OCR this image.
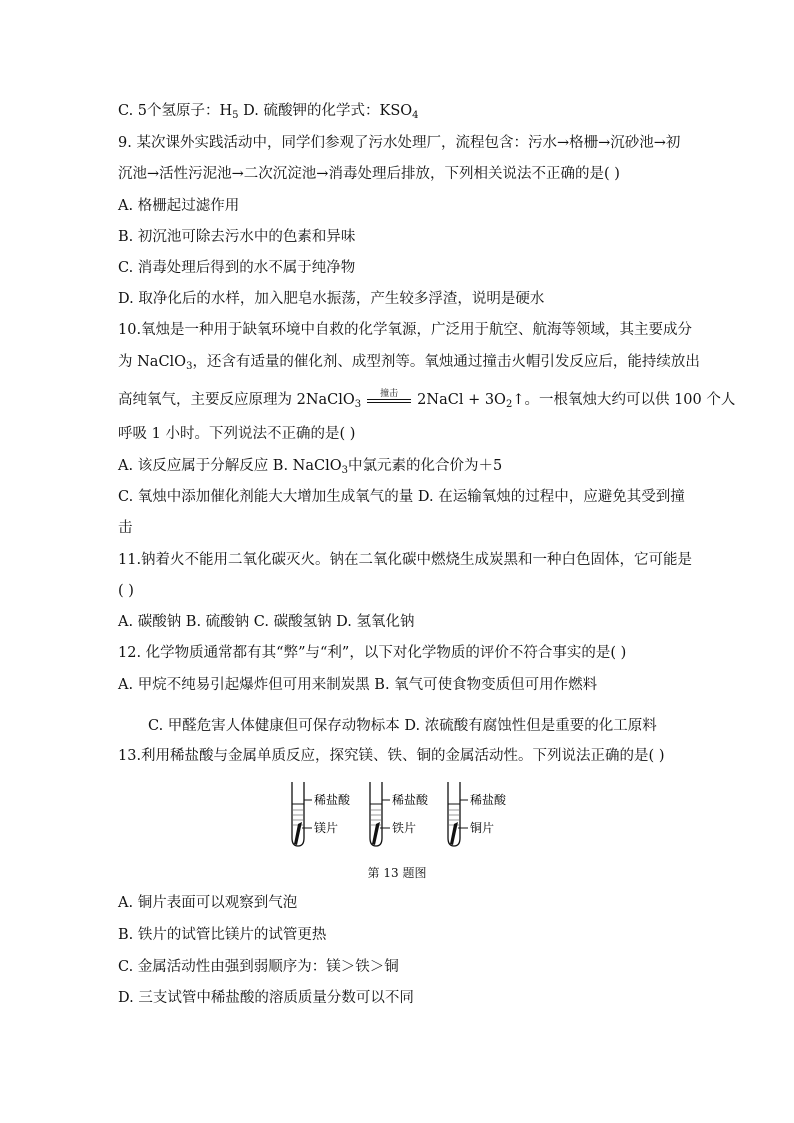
C. 5个氢原子：$H_5$ D. 硫酸钾的化学式：$KSO_4$
9. 某次课外实践活动中，同学们参观了污水处理厂，流程包含：污水→格栅→沉砂池→初
沉池→活性污泥池→二次沉淀池→消毒处理后排放，下列相关说法不正确的是( )
A. 格栅起过滤作用
B. 初沉池可除去污水中的色素和异味
C. 消毒处理后得到的水不属于纯净物
D. 取净化后的水样，加入肥皂水振荡，产生较多浮渣，说明是硬水
10.氧烛是一种用于缺氧环境中自救的化学氧源，广泛用于航空、航海等领域，其主要成分
为 NaClO$_3$，还含有适量的催化剂、成型剂等。氧烛通过撞击火帽引发反应后，能持续放出
高纯氧气，主要反应原理为 2NaClO$_3$
撞击	2NaCl + $3O_2↑$。一根氧烛大约可以供 100 个人
呼吸 1 小时。下列说法不正确的是( )
A. 该反应属于分解反应 B. NaClO$_3$中氯元素的化合价为＋5
C. 氧烛中添加催化剂能大大增加生成氧气的量 D. 在运输氧烛的过程中，应避免其受到撞
击
11.钠着火不能用二氧化碳灭火。钠在二氧化碳中燃烧生成炭黑和一种白色固体，它可能是
( )
A. 碳酸钠 B. 硫酸钠 C. 碳酸氢钠 D. 氢氧化钠
12. 化学物质通常都有其“弊”与“利”，以下对化学物质的评价不符合事实的是( )
A. 甲烷不纯易引起爆炸但可用来制炭黑 B. 氧气可使食物变质但可用作燃料
C. 甲醛危害人体健康但可保存动物标本 D. 浓硫酸有腐蚀性但是重要的化工原料
13.利用稀盐酸与金属单质反应，探究镁、铁、铜的金属活动性。下列说法正确的是( )
稀盐酸
镁片
稀盐酸
铁片
稀盐酸
铜片
第 13 题图
A. 铜片表面可以观察到气泡
B. 铁片的试管比镁片的试管更热
C. 金属活动性由强到弱顺序为：镁＞铁＞铜
D. 三支试管中稀盐酸的溶质质量分数可以不同
